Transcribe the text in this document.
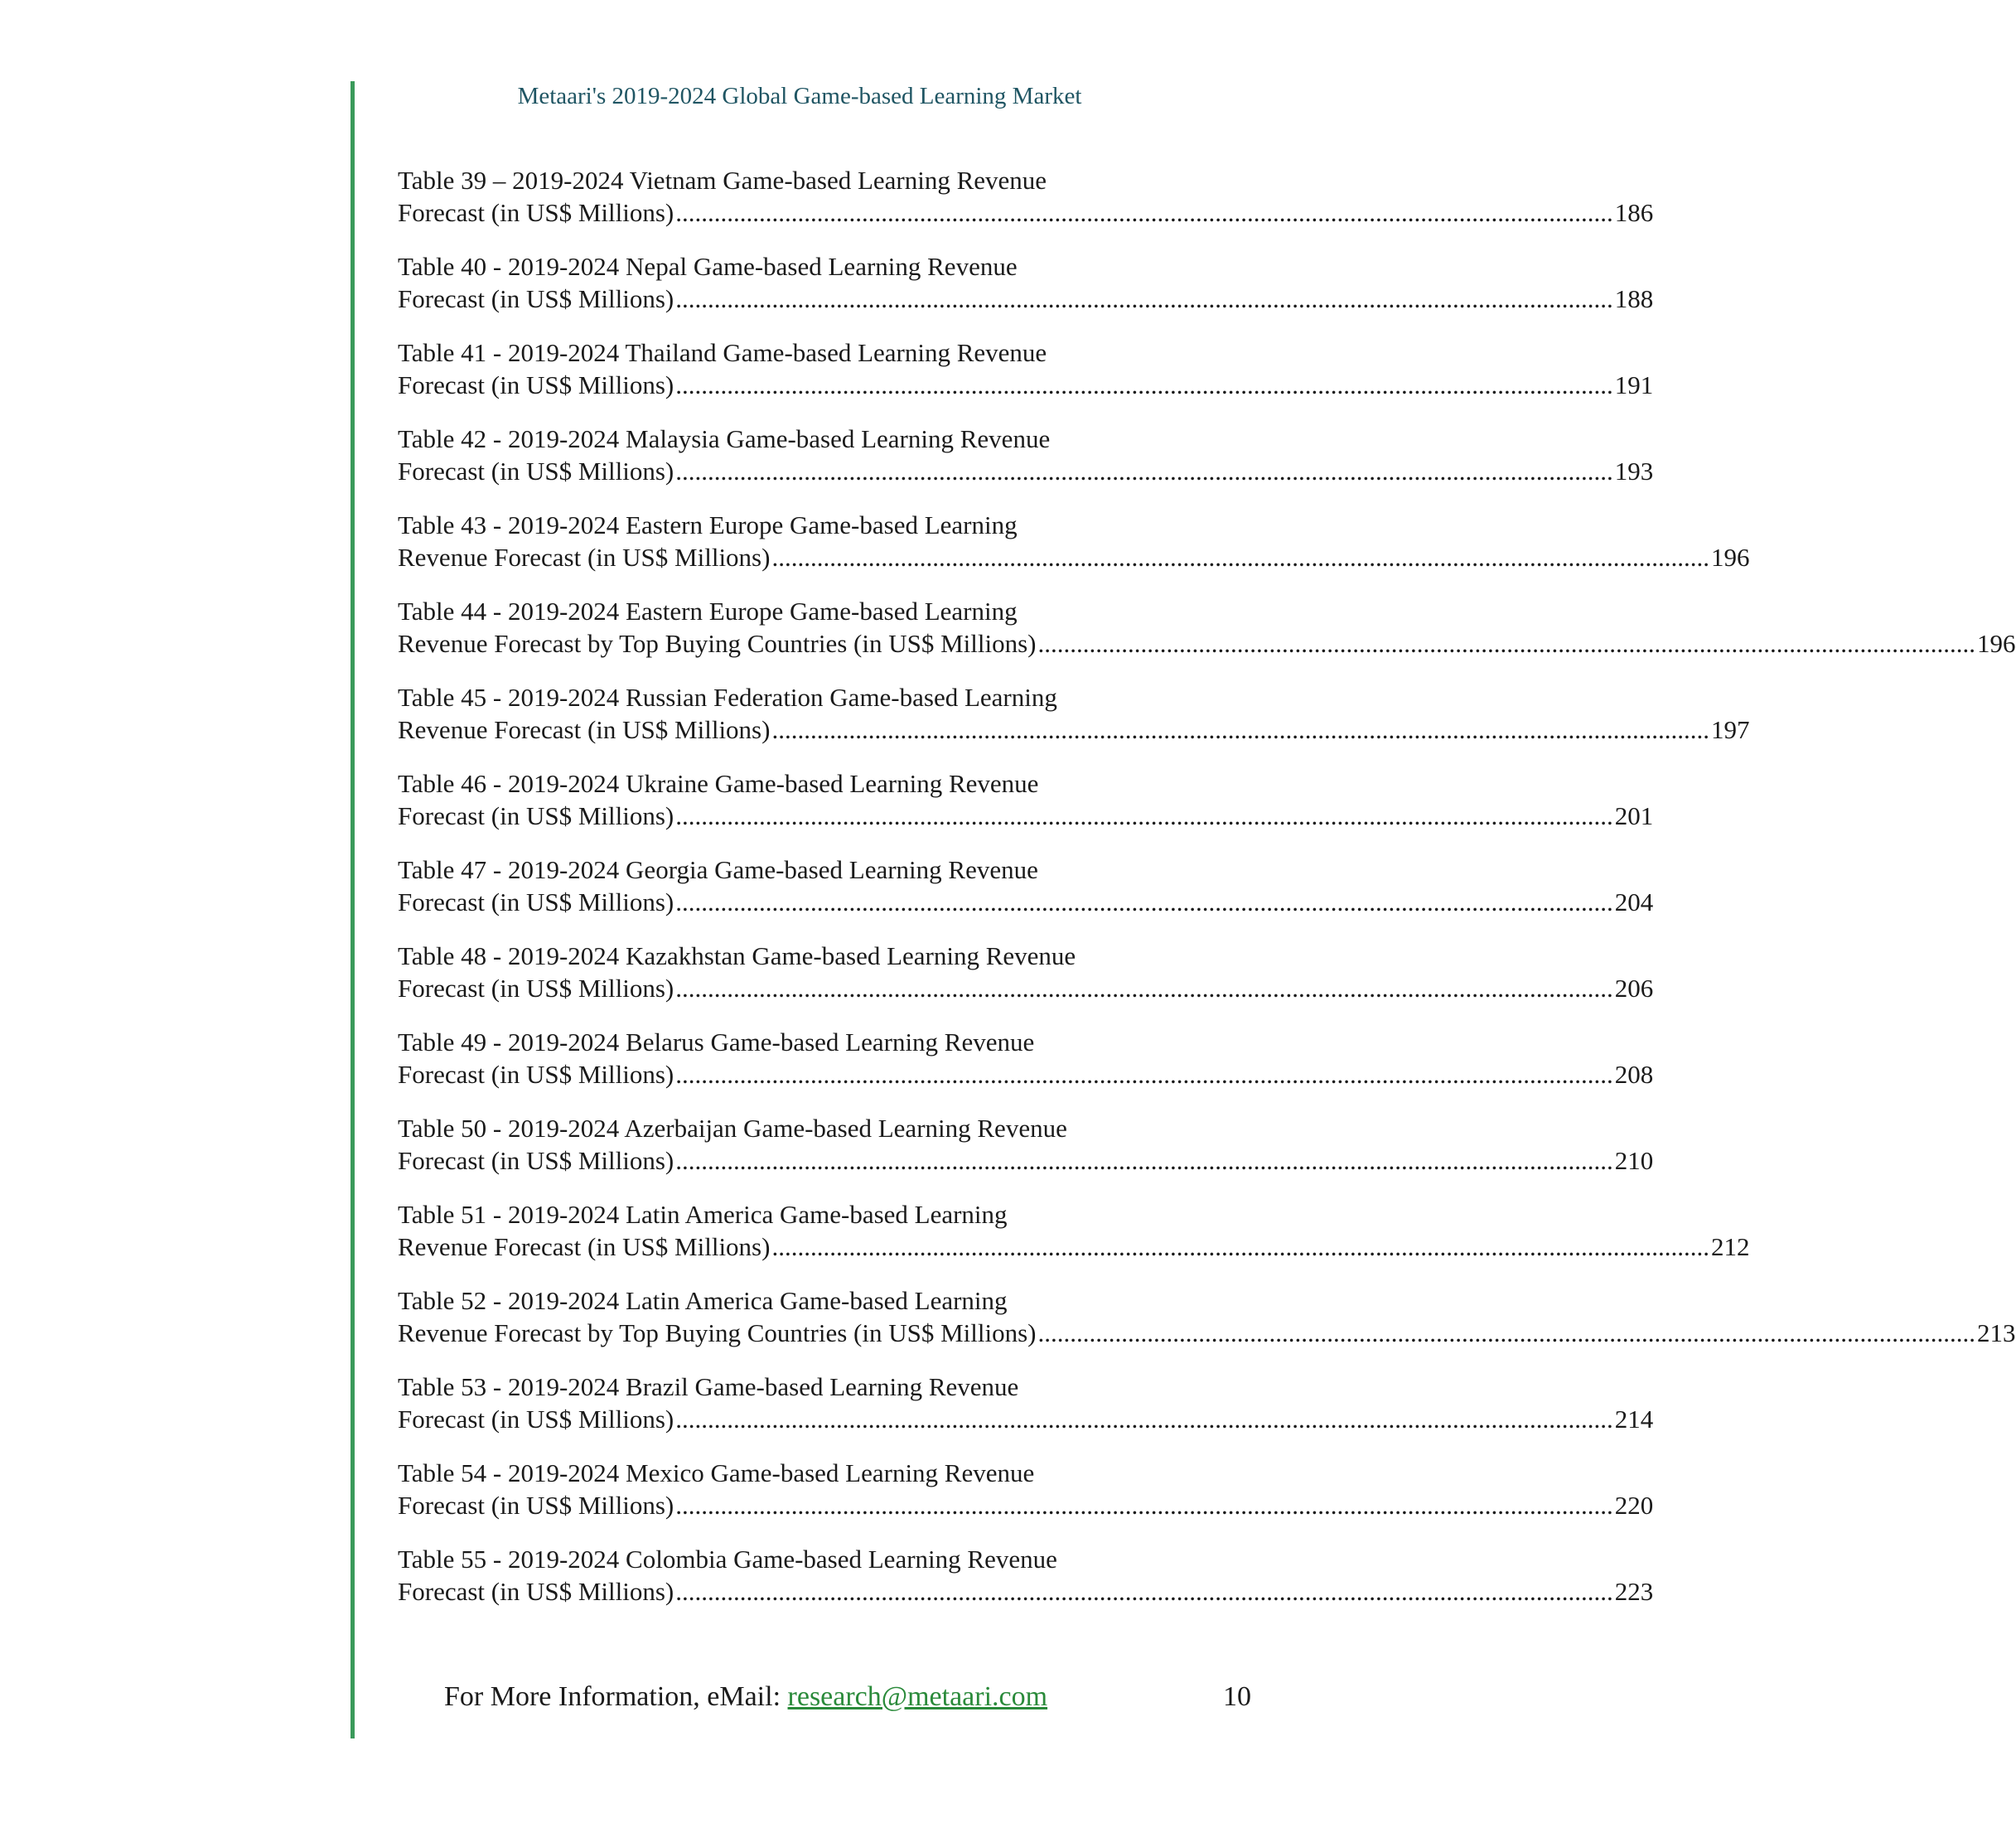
Metaari's 2019-2024 Global Game-based Learning Market
Table 39 – 2019-2024 Vietnam Game-based Learning Revenue
Forecast (in US$ Millions) .................................................................................................................................................. 186
Table 40 - 2019-2024 Nepal Game-based Learning Revenue
Forecast (in US$ Millions) .................................................................................................................................................. 188
Table 41 - 2019-2024 Thailand Game-based Learning Revenue
Forecast (in US$ Millions) .................................................................................................................................................. 191
Table 42 - 2019-2024 Malaysia Game-based Learning Revenue
Forecast (in US$ Millions) .................................................................................................................................................. 193
Table 43 - 2019-2024 Eastern Europe Game-based Learning
Revenue Forecast (in US$ Millions) .................................................................................................................................................. 196
Table 44 - 2019-2024 Eastern Europe Game-based Learning
Revenue Forecast by Top Buying Countries (in US$ Millions) .................................................................................................................................................. 196
Table 45 - 2019-2024 Russian Federation Game-based Learning
Revenue Forecast (in US$ Millions) .................................................................................................................................................. 197
Table 46 - 2019-2024 Ukraine Game-based Learning Revenue
Forecast (in US$ Millions) .................................................................................................................................................. 201
Table 47 - 2019-2024 Georgia Game-based Learning Revenue
Forecast (in US$ Millions) .................................................................................................................................................. 204
Table 48 - 2019-2024 Kazakhstan Game-based Learning Revenue
Forecast (in US$ Millions) .................................................................................................................................................. 206
Table 49 - 2019-2024 Belarus Game-based Learning Revenue
Forecast (in US$ Millions) .................................................................................................................................................. 208
Table 50 - 2019-2024 Azerbaijan Game-based Learning Revenue
Forecast (in US$ Millions) .................................................................................................................................................. 210
Table 51 - 2019-2024 Latin America Game-based Learning
Revenue Forecast (in US$ Millions) .................................................................................................................................................. 212
Table 52 - 2019-2024 Latin America Game-based Learning
Revenue Forecast by Top Buying Countries (in US$ Millions) .................................................................................................................................................. 213
Table 53 - 2019-2024 Brazil Game-based Learning Revenue
Forecast (in US$ Millions) .................................................................................................................................................. 214
Table 54 - 2019-2024 Mexico Game-based Learning Revenue
Forecast (in US$ Millions) .................................................................................................................................................. 220
Table 55 - 2019-2024 Colombia Game-based Learning Revenue
Forecast (in US$ Millions) .................................................................................................................................................. 223
For More Information, eMail: research@metaari.com	10
